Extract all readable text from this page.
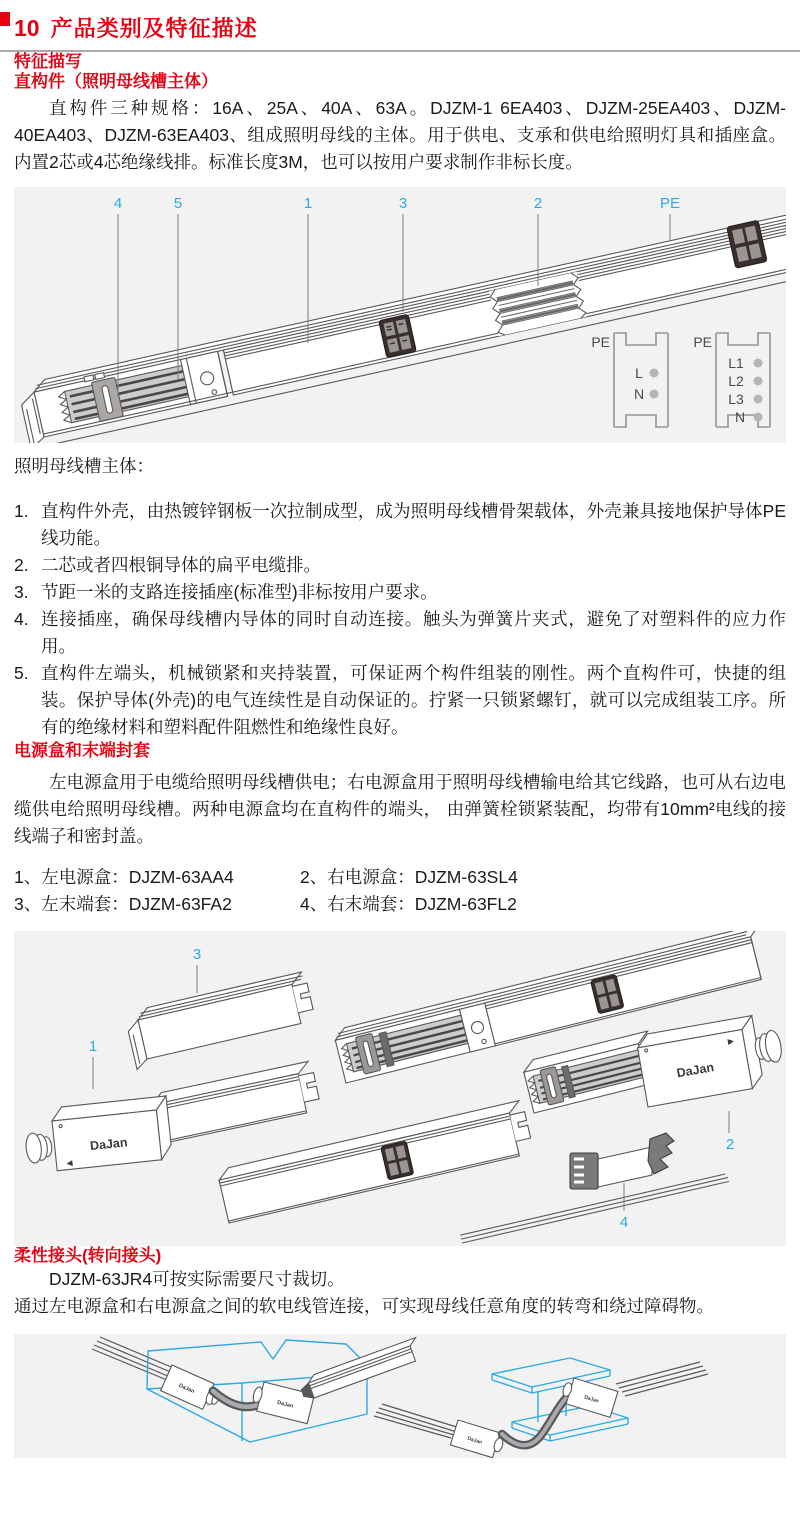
10 产品类别及特征描述
特征描写
直构件（照明母线槽主体）

直构件三种规格：16A、25A、40A、63A。DJZM-1 6EA403、DJZM-25EA403、DJZM-40EA403、DJZM-63EA403、组成照明母线的主体。用于供电、支承和供电给照明灯具和插座盒。内置2芯或4芯绝缘线排。标准长度3M，也可以按用户要求制作非标长度。

4	5	1	3	2	PE
PE
L
N
PE
L1
L2
L3
N

照明母线槽主体：

1. 直构件外壳，由热镀锌钢板一次拉制成型，成为照明母线槽骨架载体，外壳兼具接地保护导体PE线功能。
2. 二芯或者四根铜导体的扁平电缆排。
3. 节距一米的支路连接插座(标准型)非标按用户要求。
4. 连接插座，确保母线槽内导体的同时自动连接。触头为弹簧片夹式，避免了对塑料件的应力作用。
5. 直构件左端头，机械锁紧和夹持装置，可保证两个构件组装的刚性。两个直构件可，快捷的组装。保护导体(外壳)的电气连续性是自动保证的。拧紧一只锁紧螺钉，就可以完成组装工序。所有的绝缘材料和塑料配件阻燃性和绝缘性良好。
电源盒和末端封套

左电源盒用于电缆给照明母线槽供电；右电源盒用于照明母线槽输电给其它线路，也可从右边电缆供电给照明母线槽。两种电源盒均在直构件的端头， 由弹簧栓锁紧装配，均带有10mm²电线的接线端子和密封盖。

1、左电源盒：DJZM-63AA4	2、右电源盒：DJZM-63SL4
3、左末端套：DJZM-63FA2	4、右末端套：DJZM-63FL2
DaJan
DaJan
3
1
2
4
柔性接头(转向接头)

DJZM-63JR4可按实际需要尺寸裁切。

通过左电源盒和右电源盒之间的软电线管连接，可实现母线任意角度的转弯和绕过障碍物。

DaJan
DaJan
DaJan
DaJan
